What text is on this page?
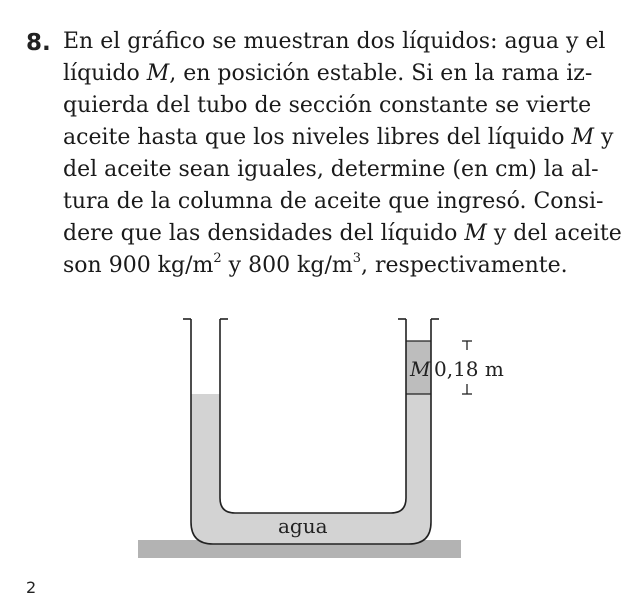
8. En el gráfico se muestran dos líquidos: agua y el
líquido M, en posición estable. Si en la rama iz-
quierda del tubo de sección constante se vierte
aceite hasta que los niveles libres del líquido M y
del aceite sean iguales, determine (en cm) la al-
tura de la columna de aceite que ingresó. Consi-
dere que las densidades del líquido M y del aceite
son 900 $kg/m^2$ y 800 $kg/m^3$, respectivamente.
M 0,18 m
agua
2
